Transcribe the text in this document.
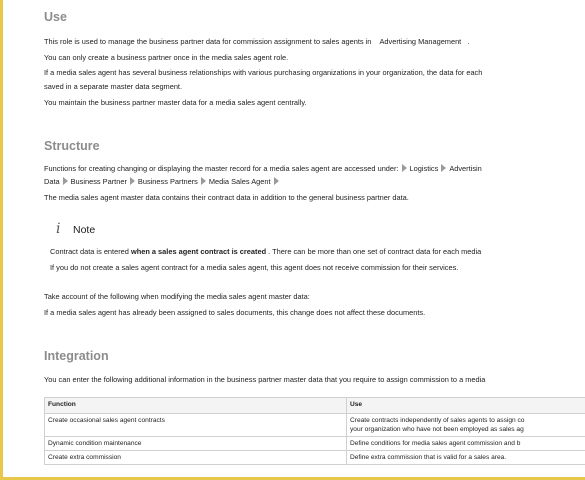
Use
This role is used to manage the business partner data for commission assignment to sales agents in Advertising Management .
You can only create a business partner once in the media sales agent role.
If a media sales agent has several business relationships with various purchasing organizations in your organization, the data for each
saved in a separate master data segment.
You maintain the business partner master data for a media sales agent centrally.
Structure
Functions for creating changing or displaying the master record for a media sales agent are accessed under: Logistics Advertisin
Data Business Partner Business Partners Media Sales Agent
The media sales agent master data contains their contract data in addition to the general business partner data.
i Note
Contract data is entered when a sales agent contract is created . There can be more than one set of contract data for each media
If you do not create a sales agent contract for a media sales agent, this agent does not receive commission for their services.
Take account of the following when modifying the media sales agent master data:
If a media sales agent has already been assigned to sales documents, this change does not affect these documents.
Integration
You can enter the following additional information in the business partner master data that you require to assign commission to a media
Function	Use
Create occasional sales agent contracts	Create contracts independently of sales agents to assign co
your organization who have not been employed as sales ag

Dynamic condition maintenance	Define conditions for media sales agent commission and b
Create extra commission	Define extra commission that is valid for a sales area.
